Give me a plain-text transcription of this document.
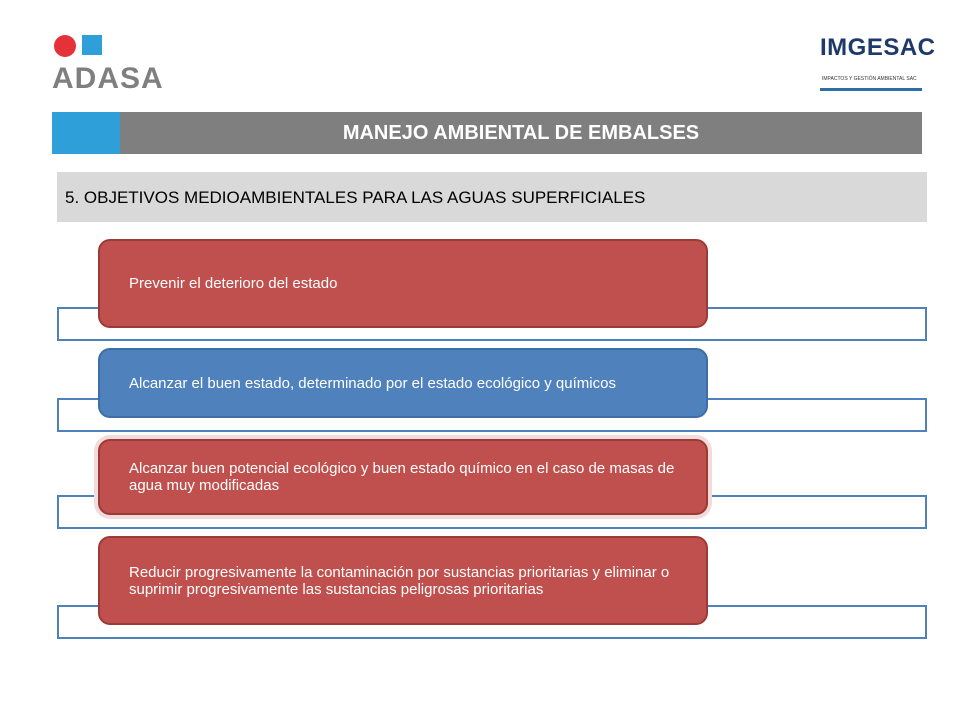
ADASA
IMGESAC
IMPACTOS Y GESTIÓN AMBIENTAL SAC
MANEJO AMBIENTAL DE EMBALSES
5. OBJETIVOS MEDIOAMBIENTALES PARA LAS AGUAS SUPERFICIALES
Prevenir el deterioro del estado
Alcanzar el buen estado, determinado por el estado ecológico y químicos
Alcanzar buen potencial ecológico y buen estado químico en el caso de masas de agua muy modificadas
Reducir progresivamente la contaminación por sustancias prioritarias y eliminar o suprimir progresivamente las sustancias peligrosas prioritarias
